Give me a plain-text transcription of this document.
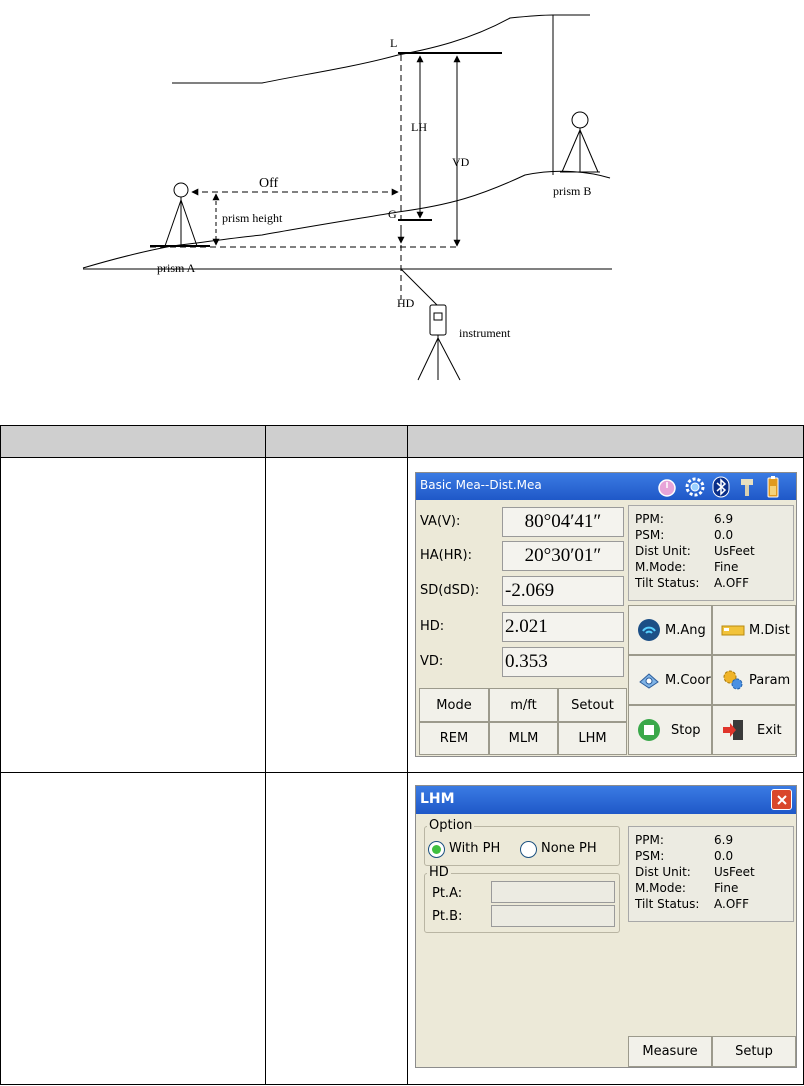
L
LH
VD
Off
G
prism height
prism A
prism B
HD
instrument
Basic Mea--Dist.Mea
VA(V):	80°04′41″
HA(HR):	20°30′01″
SD(dSD): -2.069
HD:	2.021
VD:	0.353
PPM:	6.9
PSM:	0.0
Dist Unit: UsFeet
M.Mode: Fine
Tilt Status: A.OFF
Mode	m/ft	Setout
REM	MLM	LHM
M.Ang	M.Dist
M.Coor	Param
Stop	Exit
LHM
Option
With PH	None PH
HD
Pt.A:
Pt.B:
PPM:	6.9
PSM:	0.0
Dist Unit: UsFeet
M.Mode: Fine
Tilt Status: A.OFF
Measure	Setup
